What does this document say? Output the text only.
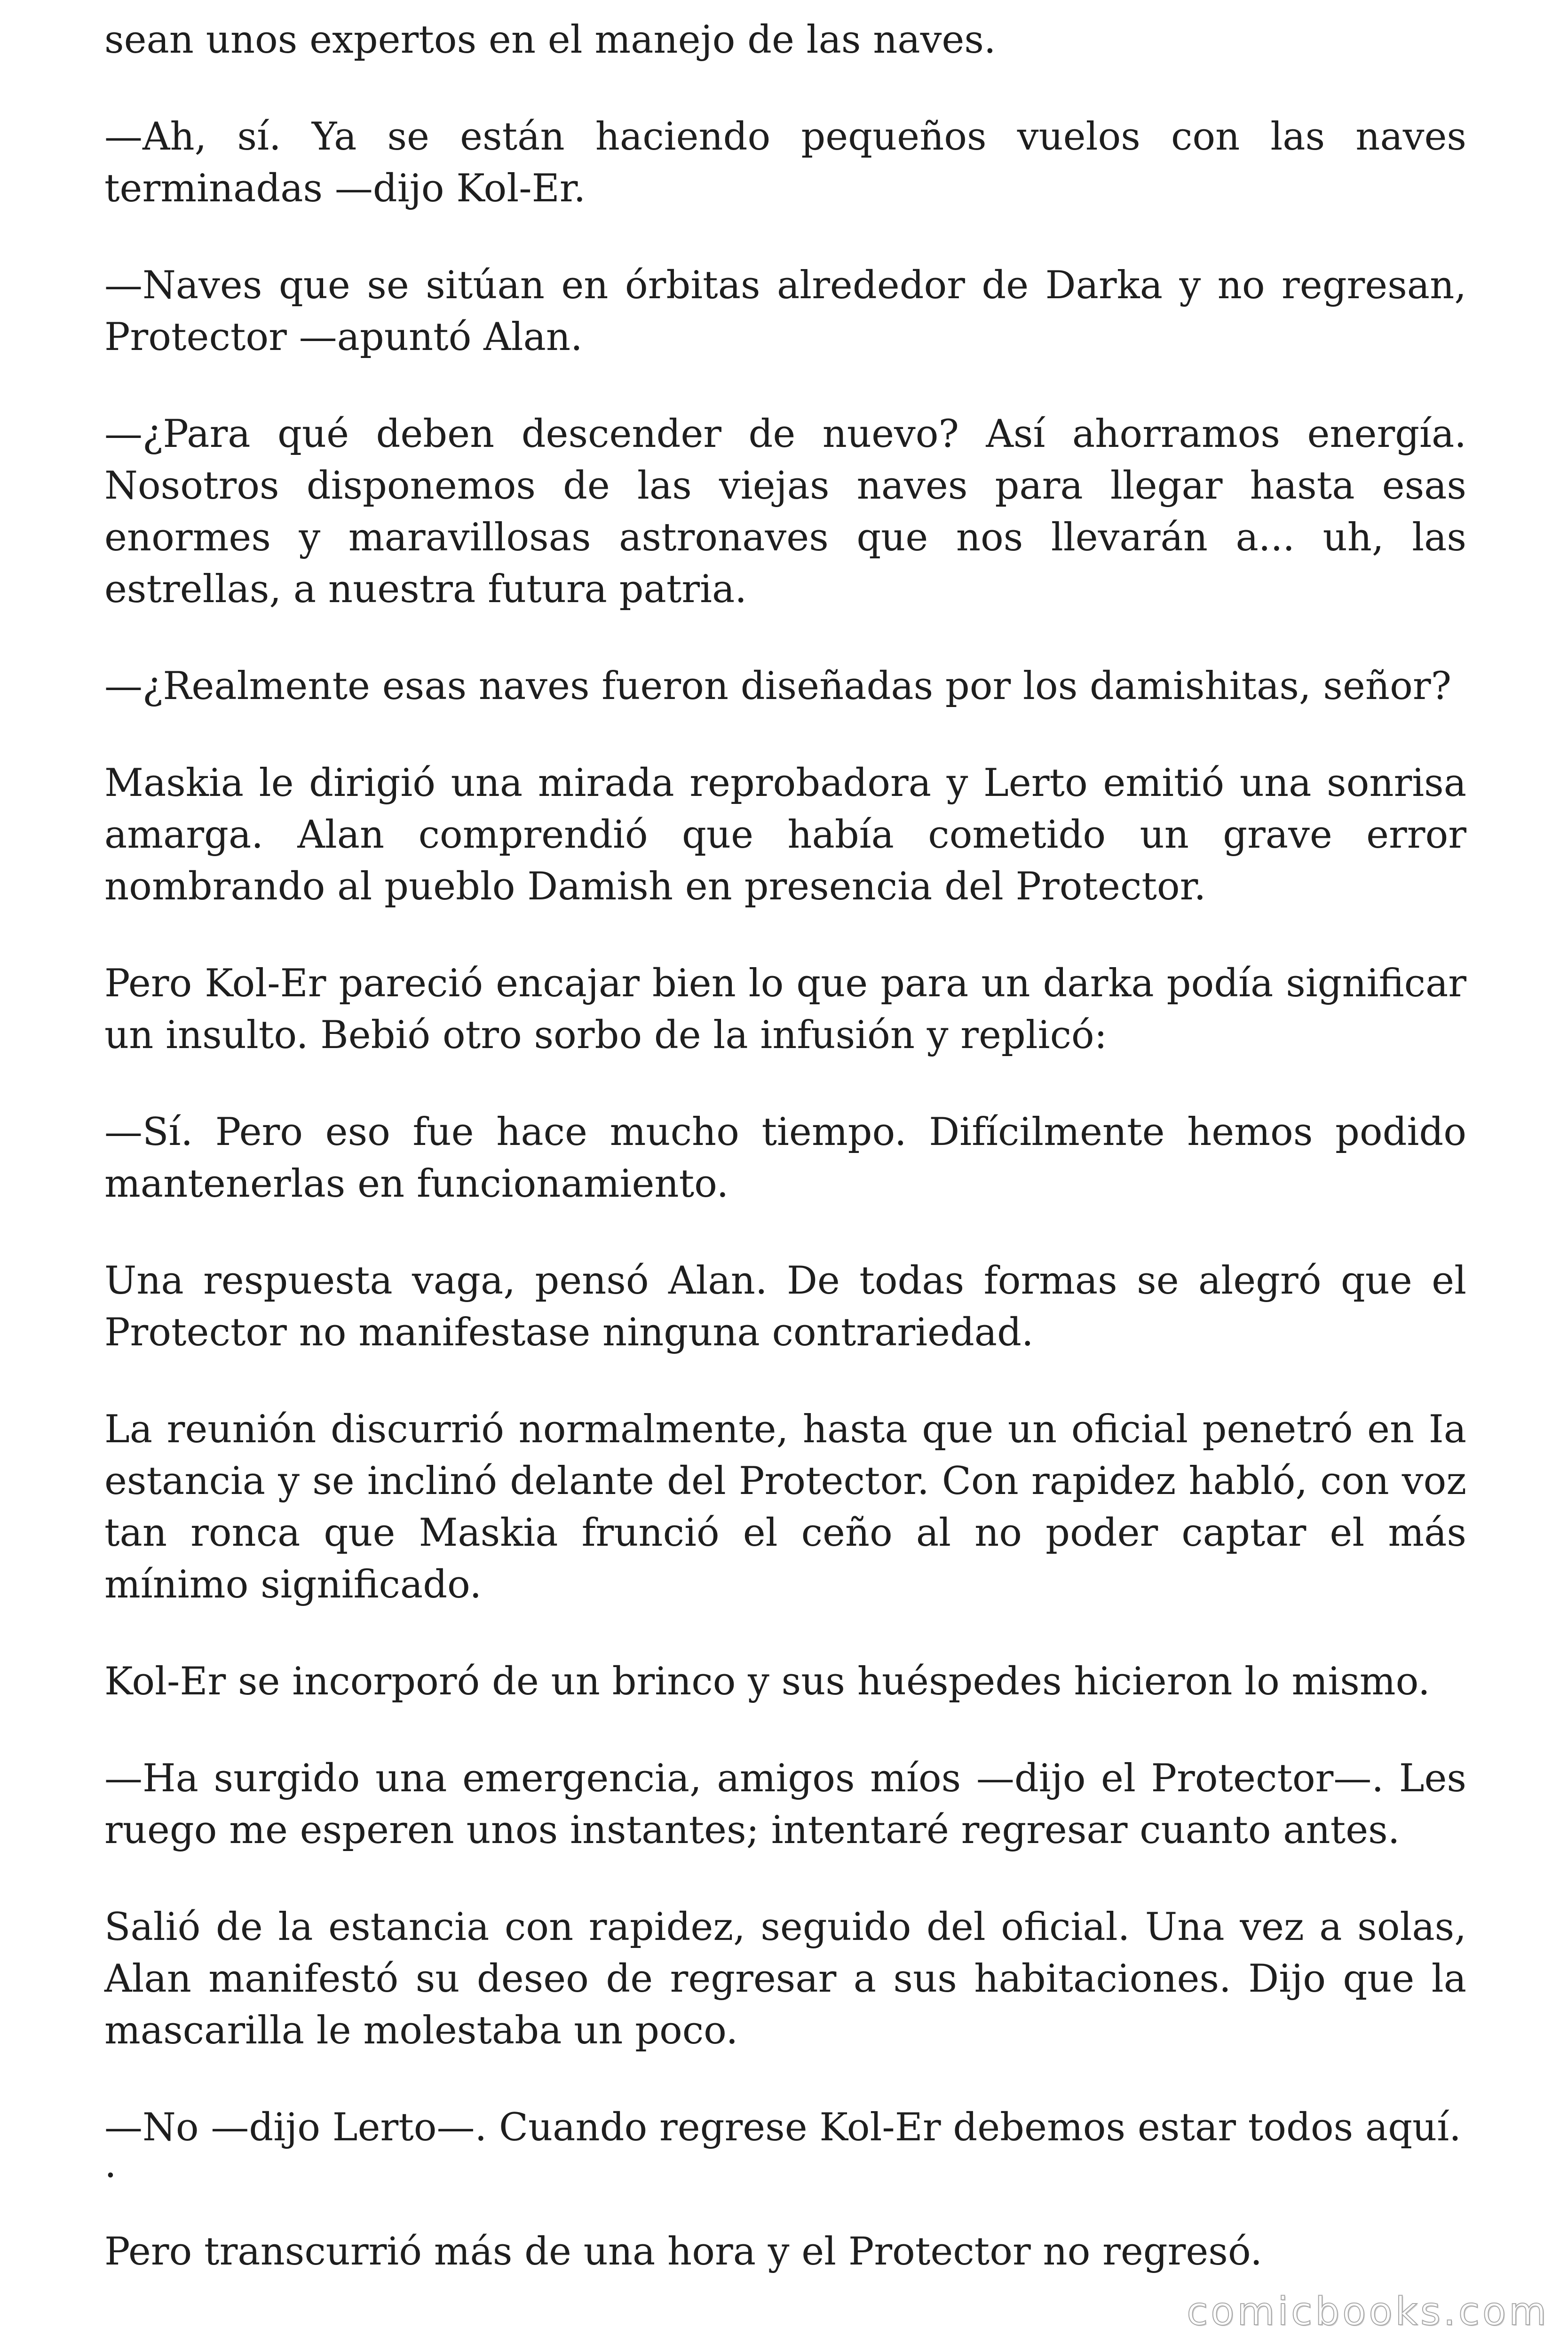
sean unos expertos en el manejo de las naves.

—Ah, sí. Ya se están haciendo pequeños vuelos con las naves terminadas —dijo Kol-Er.

—Naves que se sitúan en órbitas alrededor de Darka y no regresan, Protector —apuntó Alan.

—¿Para qué deben descender de nuevo? Así ahorramos energía. Nosotros disponemos de las viejas naves para llegar hasta esas enormes y maravillosas astronaves que nos llevarán a... uh, las estrellas, a nuestra futura patria.

—¿Realmente esas naves fueron diseñadas por los damishitas, señor?

Maskia le dirigió una mirada reprobadora y Lerto emitió una sonrisa amarga. Alan comprendió que había cometido un grave error nombrando al pueblo Damish en presencia del Protector.

Pero Kol-Er pareció encajar bien lo que para un darka podía significar un insulto. Bebió otro sorbo de la infusión y replicó:

—Sí. Pero eso fue hace mucho tiempo. Difícilmente hemos podido mantenerlas en funcionamiento.

Una respuesta vaga, pensó Alan. De todas formas se alegró que el Protector no manifestase ninguna contrariedad.

La reunión discurrió normalmente, hasta que un oficial penetró en Ia estancia y se inclinó delante del Protector. Con rapidez habló, con voz tan ronca que Maskia frunció el ceño al no poder captar el más mínimo significado.

Kol-Er se incorporó de un brinco y sus huéspedes hicieron lo mismo.

—Ha surgido una emergencia, amigos míos —dijo el Protector—. Les ruego me esperen unos instantes; intentaré regresar cuanto antes.

Salió de la estancia con rapidez, seguido del oficial. Una vez a solas, Alan manifestó su deseo de regresar a sus habitaciones. Dijo que la mascarilla le molestaba un poco.

—No —dijo Lerto—. Cuando regrese Kol-Er debemos estar todos aquí.

.

Pero transcurrió más de una hora y el Protector no regresó.

comicbooks.com
